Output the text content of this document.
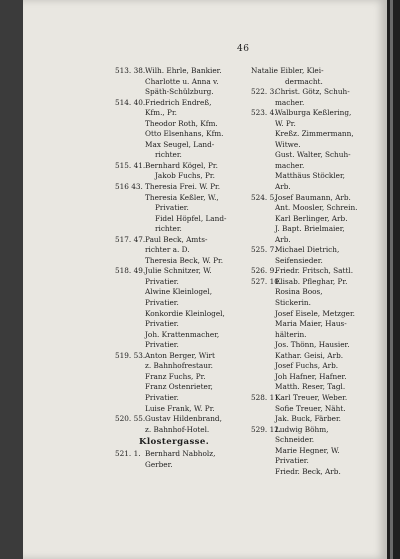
46
513. 38. Wilh. Ehrle, Bankier.
Charlotte u. Anna v.
Späth-Schülzburg.
514. 40. Friedrich Endreß,
Kfm., Pr.
Theodor Roth, Kfm.
Otto Elsenhans, Kfm.
Max Seugel, Land-
richter.
515. 41. Bernhard Kögel, Pr.
Jakob Fuchs, Pr.
516 43. Theresia Frei. W. Pr.
Theresia Keßler, W.,
Privatier.
Fidel Höpfel, Land-
richter.
517. 47. Paul Beck, Amts-
richter a. D.
Theresia Beck, W. Pr.
518. 49. Julie Schnitzer, W.
Privatier.
Alwine Kleinlogel,
Privatier.
Konkordie Kleinlogel,
Privatier.
Joh. Krattenmacher,
Privatier.
519. 53. Anton Berger, Wirt
z. Bahnhofrestaur.
Franz Fuchs, Pr.
Franz Ostenrieter,
Privatier.
Luise Frank, W. Pr.
520. 55. Gustav Hildenbrand,
z. Bahnhof-Hotel.
Klostergasse.
521. 1. Bernhard Nabholz,
Gerber.
Natalie Eibler, Klei-
dermacht.
522. 3.
Christ. Götz, Schuh-
macher.
523. 4.
Walburga Keßlering,
W. Pr.
Kreßz. Zimmermann,
Witwe.
Gust. Walter, Schuh-
macher.
Matthäus Stöckler,
Arb.
524. 5.
Josef Baumann, Arb.
Ant. Moosler, Schrein.
Karl Berlinger, Arb.
J. Bapt. Brielmaier,
Arb.
525. 7.
Michael Dietrich,
Seifensieder.
526. 9.
Friedr. Fritsch, Sattl.
527. 10.
Elisab. Pfleghar, Pr.
Rosina Boos,
Stickerin.
Josef Eisele, Metzger.
Maria Maier, Haus-
hälterin.
Jos. Thönn, Hausier.
Kathar. Geisi, Arb.
Josef Fuchs, Arb.
Joh Hafner, Hafner.
Matth. Reser, Tagl.
528. 11.
Karl Treuer, Weber.
Sofie Treuer, Näht.
Jak. Buck, Färber.
529. 12.
Ludwig Böhm,
Schneider.
Marie Hegner, W.
Privatier.
Friedr. Beck, Arb.
